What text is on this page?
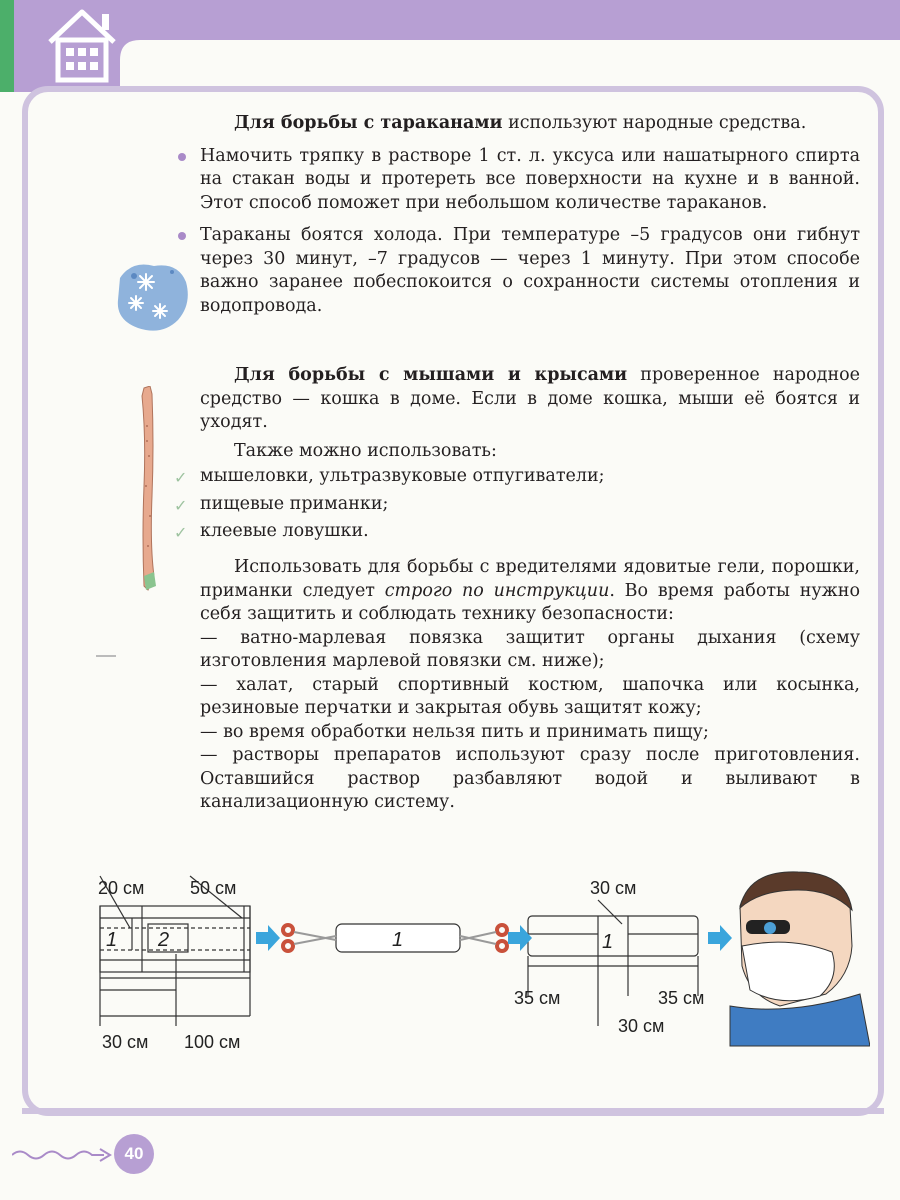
Для борьбы с тараканами используют народные средства.

Намочить тряпку в растворе 1 ст. л. уксуса или нашатырного спирта на стакан воды и протереть все поверхности на кухне и в ванной. Этот способ поможет при небольшом количестве тараканов.

Тараканы боятся холода. При температуре –5 градусов они гибнут через 30 минут, –7 градусов — через 1 минуту. При этом способе важно заранее побеспокоится о сохранности системы отопления и водопровода.

Для борьбы с мышами и крысами проверенное народное средство — кошка в доме. Если в доме кошка, мыши её боятся и уходят.

Также можно использовать:

✓ мышеловки, ультразвуковые отпугиватели;

✓ пищевые приманки;

✓ клеевые ловушки.

Использовать для борьбы с вредителями ядовитые гели, порошки, приманки следует строго по инструкции. Во время работы нужно себя защитить и соблюдать технику безопасности:

— ватно-марлевая повязка защитит органы дыхания (схему изготовления марлевой повязки см. ниже);

— халат, старый спортивный костюм, шапочка или косынка, резиновые перчатки и закрытая обувь защитят кожу;

— во время обработки нельзя пить и принимать пищу;

— растворы препаратов используют сразу после приготовления. Оставшийся раствор разбавляют водой и выливают в канализационную систему.

20 см	50 см
30 см 100 см
30 см
35 см	35 см
30 см
1 2	1	1
40
